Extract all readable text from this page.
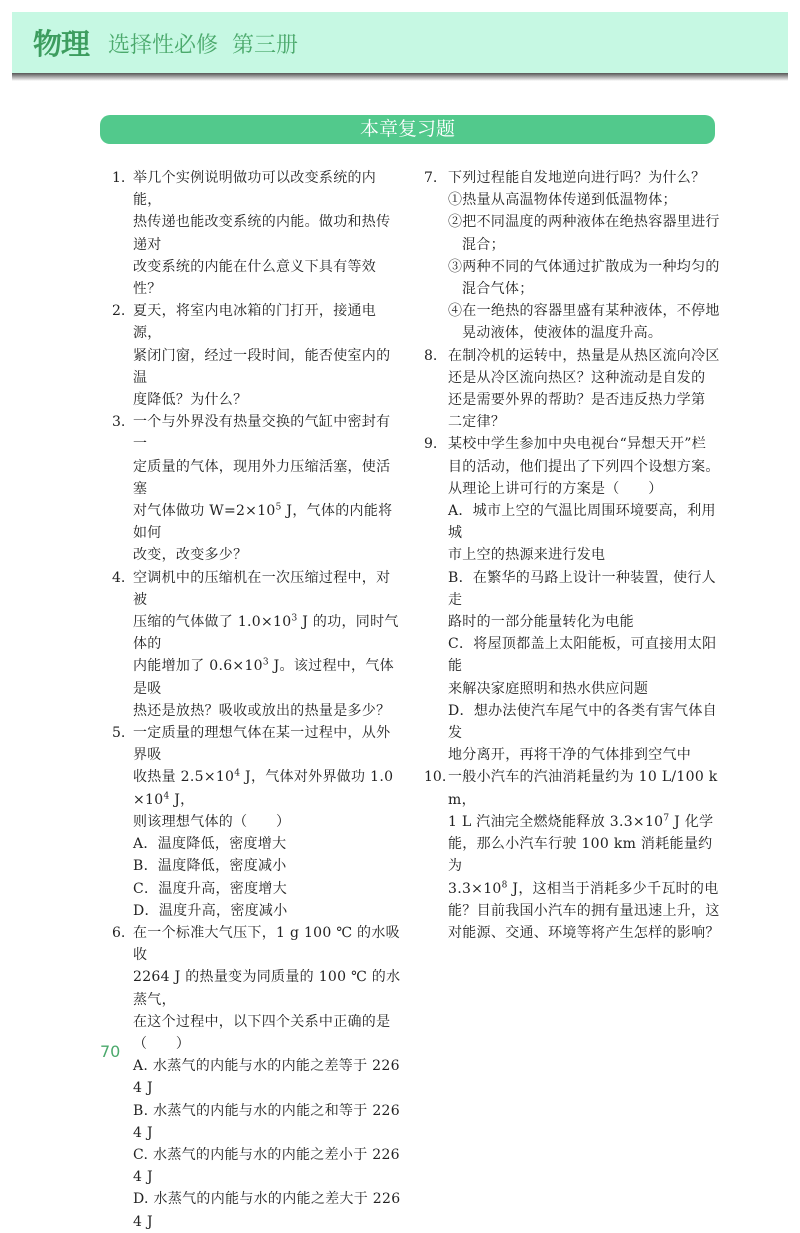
物理 选择性必修 第三册
本章复习题
1. 举几个实例说明做功可以改变系统的内能，
热传递也能改变系统的内能。做功和热传递对
改变系统的内能在什么意义下具有等效性？
2. 夏天，将室内电冰箱的门打开，接通电源，
紧闭门窗，经过一段时间，能否使室内的温
度降低？为什么？
3. 一个与外界没有热量交换的气缸中密封有一
定质量的气体，现用外力压缩活塞，使活塞
对气体做功 $W=2\times 10^5$ J，气体的内能将如何
改变，改变多少？
4. 空调机中的压缩机在一次压缩过程中，对被
压缩的气体做了 $1.0\times 10^3$ J 的功，同时气体的
内能增加了 $0.6\times 10^3$ J。该过程中，气体是吸
热还是放热？吸收或放出的热量是多少？
5. 一定质量的理想气体在某一过程中，从外界吸
收热量 $2.5\times 10^4$ J，气体对外界做功 $1.0\times 10^4$ J，
则该理想气体的（　　）
A．温度降低，密度增大
B．温度降低，密度减小
C．温度升高，密度增大
D．温度升高，密度减小
6. 在一个标准大气压下，1 g 100 ℃ 的水吸收
2264 J 的热量变为同质量的 100 ℃ 的水蒸气，
在这个过程中，以下四个关系中正确的是（　　）
A. 水蒸气的内能与水的内能之差等于 2264 J
B. 水蒸气的内能与水的内能之和等于 2264 J
C. 水蒸气的内能与水的内能之差小于 2264 J
D. 水蒸气的内能与水的内能之差大于 2264 J
7. 下列过程能自发地逆向进行吗？为什么？
①热量从高温物体传递到低温物体；
②把不同温度的两种液体在绝热容器里进行
混合；
③两种不同的气体通过扩散成为一种均匀的
混合气体；
④在一绝热的容器里盛有某种液体，不停地
晃动液体，使液体的温度升高。
8. 在制冷机的运转中，热量是从热区流向冷区
还是从冷区流向热区？这种流动是自发的
还是需要外界的帮助？是否违反热力学第
二定律？
9. 某校中学生参加中央电视台“异想天开”栏
目的活动，他们提出了下列四个设想方案。
从理论上讲可行的方案是（　　）
A．城市上空的气温比周围环境要高，利用城
市上空的热源来进行发电
B．在繁华的马路上设计一种装置，使行人走
路时的一部分能量转化为电能
C．将屋顶都盖上太阳能板，可直接用太阳能
来解决家庭照明和热水供应问题
D．想办法使汽车尾气中的各类有害气体自发
地分离开，再将干净的气体排到空气中
10. 一般小汽车的汽油消耗量约为 10 L/100 km，
1 L 汽油完全燃烧能释放 $3.3\times 10^7$ J 化学
能，那么小汽车行驶 100 km 消耗能量约为
$3.3\times 10^8$ J，这相当于消耗多少千瓦时的电
能？目前我国小汽车的拥有量迅速上升，这
对能源、交通、环境等将产生怎样的影响？
70
